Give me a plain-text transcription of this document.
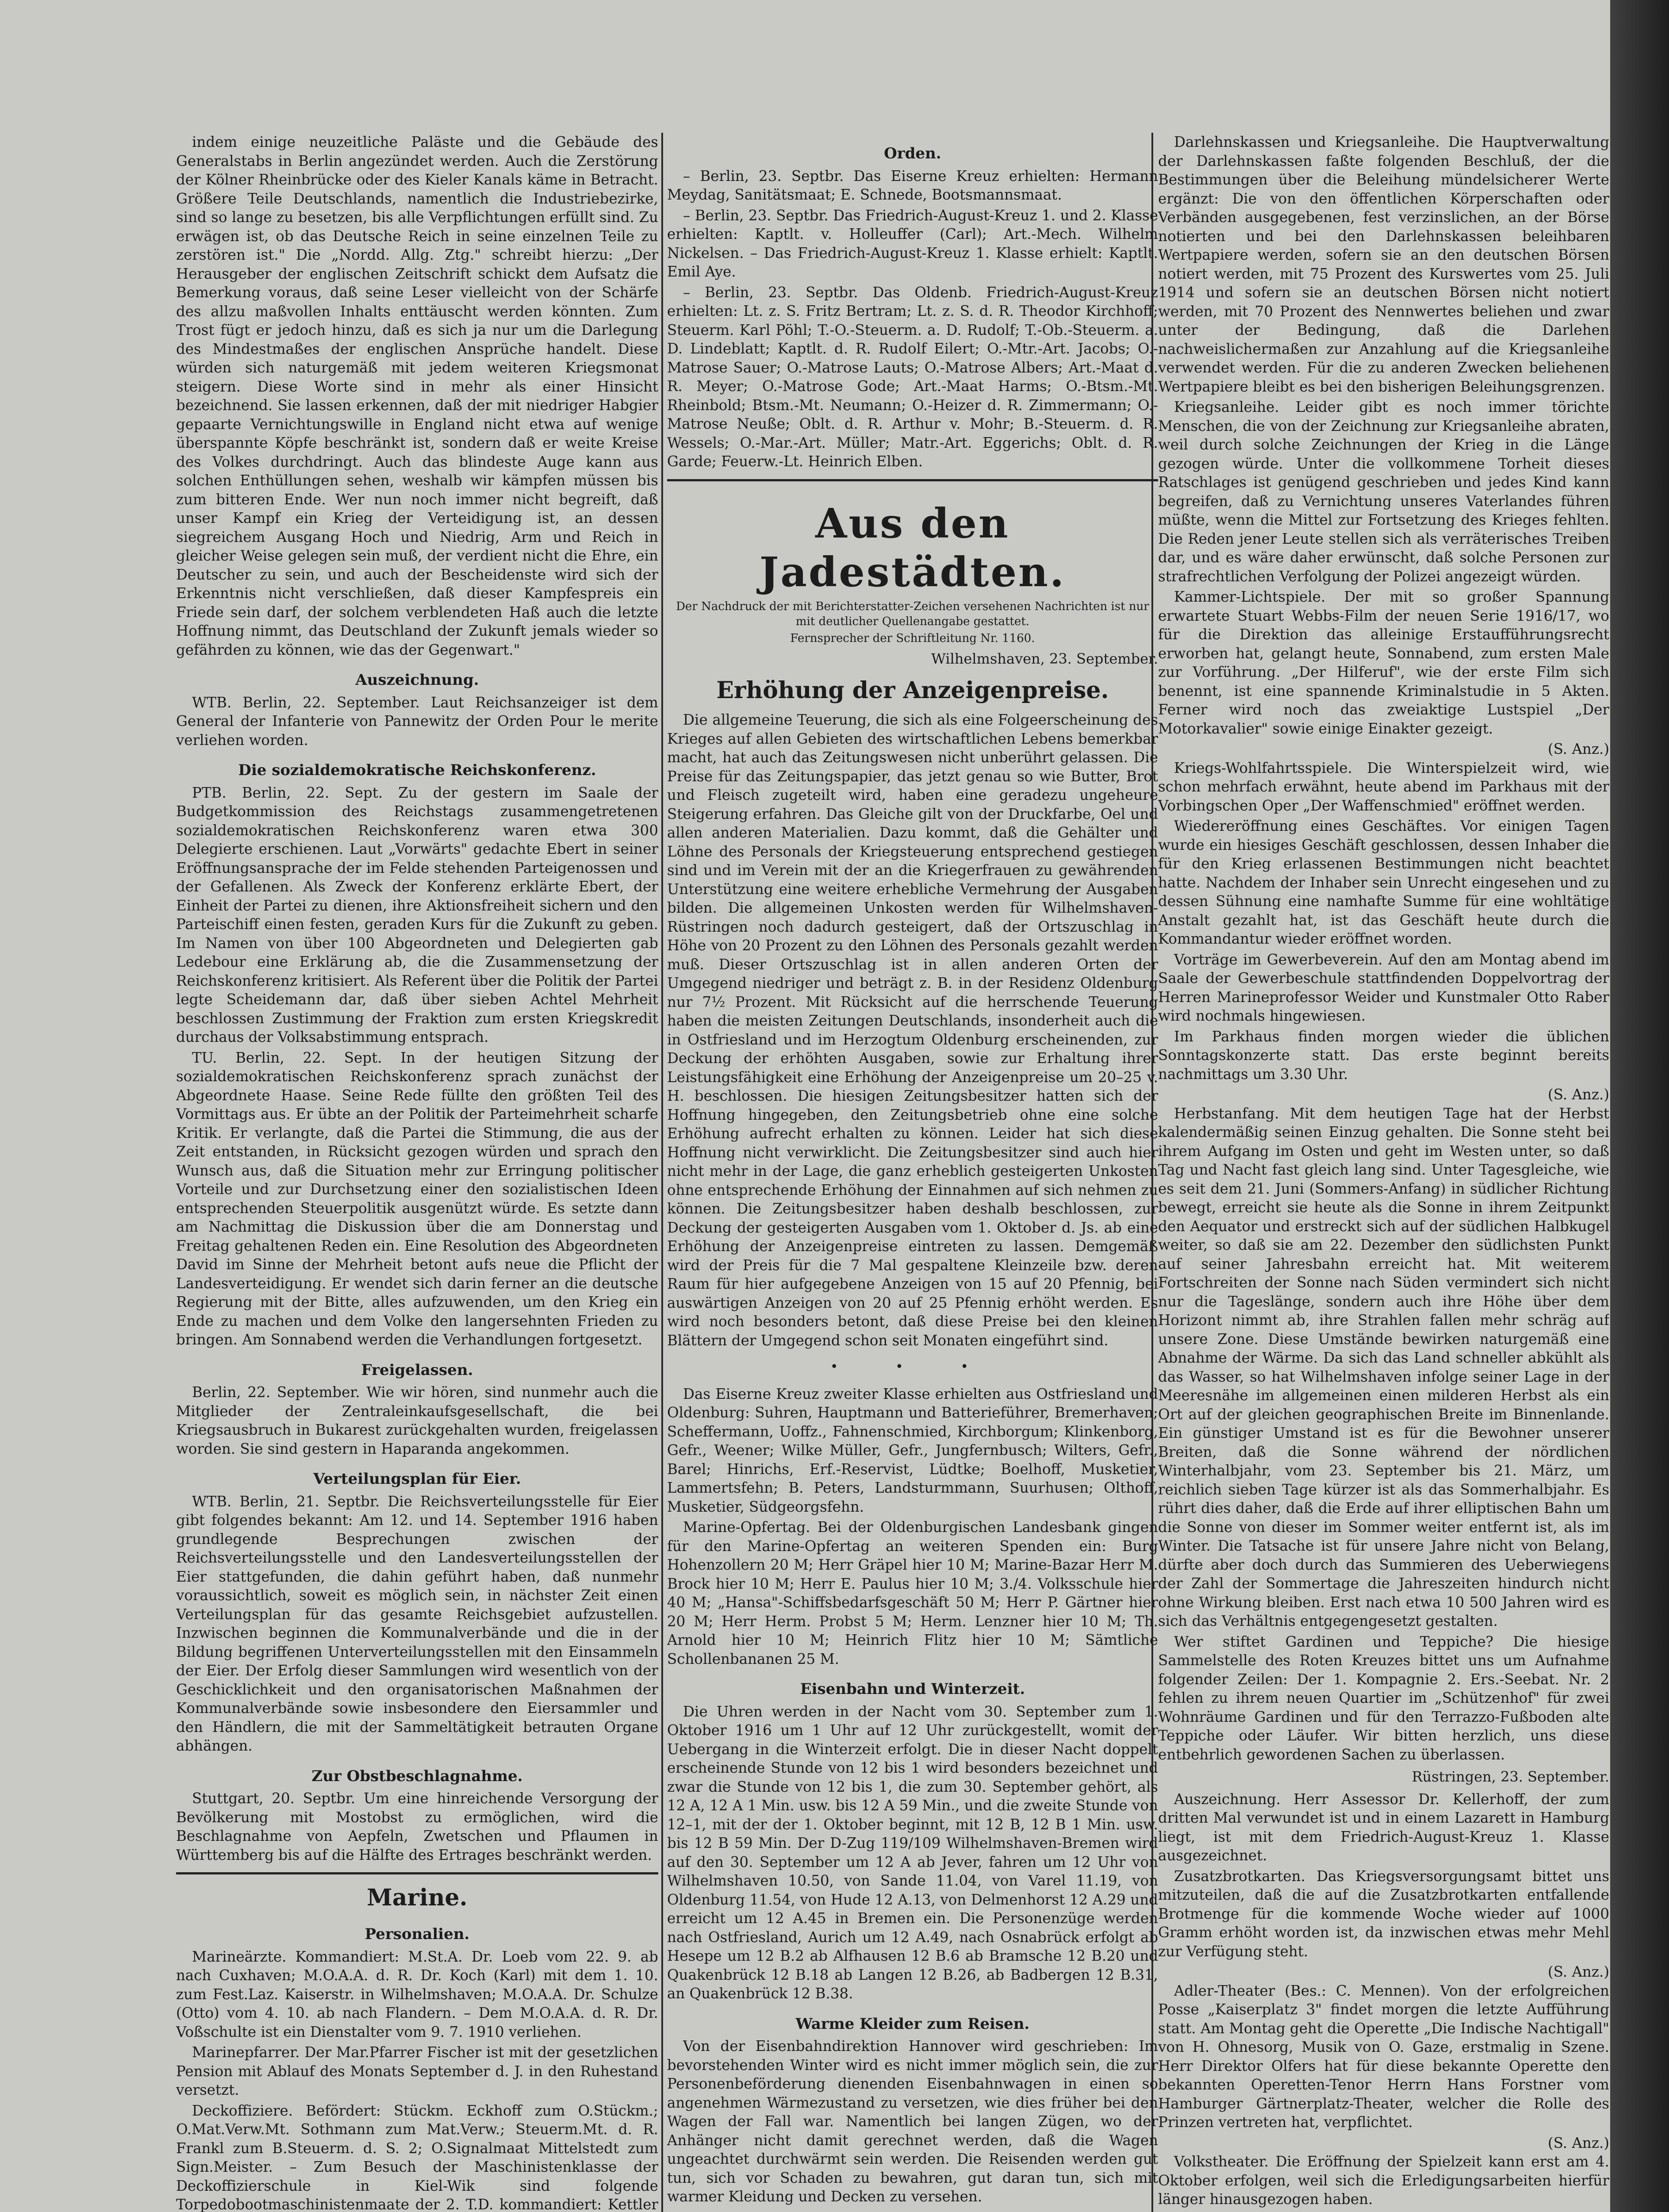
indem einige neuzeitliche Paläste und die Gebäude des Generalstabs in Berlin angezündet werden. Auch die Zerstörung der Kölner Rheinbrücke oder des Kieler Kanals käme in Betracht. Größere Teile Deutschlands, namentlich die Industriebezirke, sind so lange zu besetzen, bis alle Verpflichtungen erfüllt sind. Zu erwägen ist, ob das Deutsche Reich in seine einzelnen Teile zu zerstören ist." Die „Nordd. Allg. Ztg." schreibt hierzu: „Der Herausgeber der englischen Zeitschrift schickt dem Aufsatz die Bemerkung voraus, daß seine Leser vielleicht von der Schärfe des allzu maßvollen Inhalts enttäuscht werden könnten. Zum Trost fügt er jedoch hinzu, daß es sich ja nur um die Darlegung des Mindestmaßes der englischen Ansprüche handelt. Diese würden sich naturgemäß mit jedem weiteren Kriegsmonat steigern. Diese Worte sind in mehr als einer Hinsicht bezeichnend. Sie lassen erkennen, daß der mit niedriger Habgier gepaarte Vernichtungswille in England nicht etwa auf wenige überspannte Köpfe beschränkt ist, sondern daß er weite Kreise des Volkes durchdringt. Auch das blindeste Auge kann aus solchen Enthüllungen sehen, weshalb wir kämpfen müssen bis zum bitteren Ende. Wer nun noch immer nicht begreift, daß unser Kampf ein Krieg der Verteidigung ist, an dessen siegreichem Ausgang Hoch und Niedrig, Arm und Reich in gleicher Weise gelegen sein muß, der verdient nicht die Ehre, ein Deutscher zu sein, und auch der Bescheidenste wird sich der Erkenntnis nicht verschließen, daß dieser Kampfespreis ein Friede sein darf, der solchem verblendeten Haß auch die letzte Hoffnung nimmt, das Deutschland der Zukunft jemals wieder so gefährden zu können, wie das der Gegenwart."

Auszeichnung.

WTB. Berlin, 22. September. Laut Reichsanzeiger ist dem General der Infanterie von Pannewitz der Orden Pour le merite verliehen worden.

Die sozialdemokratische Reichskonferenz.

PTB. Berlin, 22. Sept. Zu der gestern im Saale der Budgetkommission des Reichstags zusammengetretenen sozialdemokratischen Reichskonferenz waren etwa 300 Delegierte erschienen. Laut „Vorwärts" gedachte Ebert in seiner Eröffnungsansprache der im Felde stehenden Parteigenossen und der Gefallenen. Als Zweck der Konferenz erklärte Ebert, der Einheit der Partei zu dienen, ihre Aktionsfreiheit sichern und den Parteischiff einen festen, geraden Kurs für die Zukunft zu geben. Im Namen von über 100 Abgeordneten und Delegierten gab Ledebour eine Erklärung ab, die die Zusammensetzung der Reichskonferenz kritisiert. Als Referent über die Politik der Partei legte Scheidemann dar, daß über sieben Achtel Mehrheit beschlossen Zustimmung der Fraktion zum ersten Kriegskredit durchaus der Volksabstimmung entsprach.

TU. Berlin, 22. Sept. In der heutigen Sitzung der sozialdemokratischen Reichskonferenz sprach zunächst der Abgeordnete Haase. Seine Rede füllte den größten Teil des Vormittags aus. Er übte an der Politik der Parteimehrheit scharfe Kritik. Er verlangte, daß die Partei die Stimmung, die aus der Zeit entstanden, in Rücksicht gezogen würden und sprach den Wunsch aus, daß die Situation mehr zur Erringung politischer Vorteile und zur Durchsetzung einer den sozialistischen Ideen entsprechenden Steuerpolitik ausgenützt würde. Es setzte dann am Nachmittag die Diskussion über die am Donnerstag und Freitag gehaltenen Reden ein. Eine Resolution des Abgeordneten David im Sinne der Mehrheit betont aufs neue die Pflicht der Landesverteidigung. Er wendet sich darin ferner an die deutsche Regierung mit der Bitte, alles aufzuwenden, um den Krieg ein Ende zu machen und dem Volke den langersehnten Frieden zu bringen. Am Sonnabend werden die Verhandlungen fortgesetzt.

Freigelassen.

Berlin, 22. September. Wie wir hören, sind nunmehr auch die Mitglieder der Zentraleinkaufsgesellschaft, die bei Kriegsausbruch in Bukarest zurückgehalten wurden, freigelassen worden. Sie sind gestern in Haparanda angekommen.

Verteilungsplan für Eier.

WTB. Berlin, 21. Septbr. Die Reichsverteilungsstelle für Eier gibt folgendes bekannt: Am 12. und 14. September 1916 haben grundlegende Besprechungen zwischen der Reichsverteilungsstelle und den Landesverteilungsstellen der Eier stattgefunden, die dahin geführt haben, daß nunmehr voraussichtlich, soweit es möglich sein, in nächster Zeit einen Verteilungsplan für das gesamte Reichsgebiet aufzustellen. Inzwischen beginnen die Kommunalverbände und die in der Bildung begriffenen Unterverteilungsstellen mit den Einsammeln der Eier. Der Erfolg dieser Sammlungen wird wesentlich von der Geschicklichkeit und den organisatorischen Maßnahmen der Kommunalverbände sowie insbesondere den Eiersammler und den Händlern, die mit der Sammeltätigkeit betrauten Organe abhängen.

Zur Obstbeschlagnahme.

Stuttgart, 20. Septbr. Um eine hinreichende Versorgung der Bevölkerung mit Mostobst zu ermöglichen, wird die Beschlagnahme von Aepfeln, Zwetschen und Pflaumen in Württemberg bis auf die Hälfte des Ertrages beschränkt werden.

Marine.
Personalien.

Marineärzte. Kommandiert: M.St.A. Dr. Loeb vom 22. 9. ab nach Cuxhaven; M.O.A.A. d. R. Dr. Koch (Karl) mit dem 1. 10. zum Fest.Laz. Kaiserstr. in Wilhelmshaven; M.O.A.A. Dr. Schulze (Otto) vom 4. 10. ab nach Flandern. – Dem M.O.A.A. d. R. Dr. Voßschulte ist ein Dienstalter vom 9. 7. 1910 verliehen.

Marinepfarrer. Der Mar.Pfarrer Fischer ist mit der gesetzlichen Pension mit Ablauf des Monats September d. J. in den Ruhestand versetzt.

Deckoffiziere. Befördert: Stückm. Eckhoff zum O.Stückm.; O.Mat.Verw.Mt. Sothmann zum Mat.Verw.; Steuerm.Mt. d. R. Frankl zum B.Steuerm. d. S. 2; O.Signalmaat Mittelstedt zum Sign.Meister. – Zum Besuch der Maschinistenklasse der Deckoffizierschule in Kiel-Wik sind folgende Torpedobootmaschinistenmaate der 2. T.D. kommandiert: Kettler

Orden.

– Berlin, 23. Septbr. Das Eiserne Kreuz erhielten: Hermann Meydag, Sanitätsmaat; E. Schnede, Bootsmannsmaat.

– Berlin, 23. Septbr. Das Friedrich-August-Kreuz 1. und 2. Klasse erhielten: Kaptlt. v. Holleuffer (Carl); Art.-Mech. Wilhelm Nickelsen. – Das Friedrich-August-Kreuz 1. Klasse erhielt: Kaptlt. Emil Aye.

– Berlin, 23. Septbr. Das Oldenb. Friedrich-August-Kreuz erhielten: Lt. z. S. Fritz Bertram; Lt. z. S. d. R. Theodor Kirchhoff; Steuerm. Karl Pöhl; T.-O.-Steuerm. a. D. Rudolf; T.-Ob.-Steuerm. a. D. Lindeblatt; Kaptlt. d. R. Rudolf Eilert; O.-Mtr.-Art. Jacobs; O.-Matrose Sauer; O.-Matrose Lauts; O.-Matrose Albers; Art.-Maat d. R. Meyer; O.-Matrose Gode; Art.-Maat Harms; O.-Btsm.-Mt. Rheinbold; Btsm.-Mt. Neumann; O.-Heizer d. R. Zimmermann; O.-Matrose Neuße; Oblt. d. R. Arthur v. Mohr; B.-Steuerm. d. R. Wessels; O.-Mar.-Art. Müller; Matr.-Art. Eggerichs; Oblt. d. R. Garde; Feuerw.-Lt. Heinrich Elben.

Aus den Jadestädten.

Der Nachdruck der mit Berichterstatter-Zeichen versehenen Nachrichten ist nur mit deutlicher Quellenangabe gestattet.

Fernsprecher der Schriftleitung Nr. 1160.

Wilhelmshaven, 23. September.
Erhöhung der Anzeigenpreise.

Die allgemeine Teuerung, die sich als eine Folgeerscheinung des Krieges auf allen Gebieten des wirtschaftlichen Lebens bemerkbar macht, hat auch das Zeitungswesen nicht unberührt gelassen. Die Preise für das Zeitungspapier, das jetzt genau so wie Butter, Brot und Fleisch zugeteilt wird, haben eine geradezu ungeheure Steigerung erfahren. Das Gleiche gilt von der Druckfarbe, Oel und allen anderen Materialien. Dazu kommt, daß die Gehälter und Löhne des Personals der Kriegsteuerung entsprechend gestiegen sind und im Verein mit der an die Kriegerfrauen zu gewährenden Unterstützung eine weitere erhebliche Vermehrung der Ausgaben bilden. Die allgemeinen Unkosten werden für Wilhelmshaven-Rüstringen noch dadurch gesteigert, daß der Ortszuschlag in Höhe von 20 Prozent zu den Löhnen des Personals gezahlt werden muß. Dieser Ortszuschlag ist in allen anderen Orten der Umgegend niedriger und beträgt z. B. in der Residenz Oldenburg nur 7½ Prozent. Mit Rücksicht auf die herrschende Teuerung haben die meisten Zeitungen Deutschlands, insonderheit auch die in Ostfriesland und im Herzogtum Oldenburg erscheinenden, zur Deckung der erhöhten Ausgaben, sowie zur Erhaltung ihrer Leistungsfähigkeit eine Erhöhung der Anzeigenpreise um 20–25 v. H. beschlossen. Die hiesigen Zeitungsbesitzer hatten sich der Hoffnung hingegeben, den Zeitungsbetrieb ohne eine solche Erhöhung aufrecht erhalten zu können. Leider hat sich diese Hoffnung nicht verwirklicht. Die Zeitungsbesitzer sind auch hier nicht mehr in der Lage, die ganz erheblich gesteigerten Unkosten ohne entsprechende Erhöhung der Einnahmen auf sich nehmen zu können. Die Zeitungsbesitzer haben deshalb beschlossen, zur Deckung der gesteigerten Ausgaben vom 1. Oktober d. Js. ab eine Erhöhung der Anzeigenpreise eintreten zu lassen. Demgemäß wird der Preis für die 7 Mal gespaltene Kleinzeile bzw. deren Raum für hier aufgegebene Anzeigen von 15 auf 20 Pfennig, bei auswärtigen Anzeigen von 20 auf 25 Pfennig erhöht werden. Es wird noch besonders betont, daß diese Preise bei den kleinen Blättern der Umgegend schon seit Monaten eingeführt sind.

• • •

Das Eiserne Kreuz zweiter Klasse erhielten aus Ostfriesland und Oldenburg: Suhren, Hauptmann und Batterieführer, Bremerhaven; Scheffermann, Uoffz., Fahnenschmied, Kirchborgum; Klinkenborg, Gefr., Weener; Wilke Müller, Gefr., Jungfernbusch; Wilters, Gefr., Barel; Hinrichs, Erf.-Reservist, Lüdtke; Boelhoff, Musketier, Lammertsfehn; B. Peters, Landsturmmann, Suurhusen; Olthoff, Musketier, Südgeorgsfehn.

Marine-Opfertag. Bei der Oldenburgischen Landesbank gingen für den Marine-Opfertag an weiteren Spenden ein: Burg Hohenzollern 20 M; Herr Gräpel hier 10 M; Marine-Bazar Herr M. Brock hier 10 M; Herr E. Paulus hier 10 M; 3./4. Volksschule hier 40 M; „Hansa"-Schiffsbedarfsgeschäft 50 M; Herr P. Gärtner hier 20 M; Herr Herm. Probst 5 M; Herm. Lenzner hier 10 M; Th. Arnold hier 10 M; Heinrich Flitz hier 10 M; Sämtliche Schollenbananen 25 M.

Eisenbahn und Winterzeit.

Die Uhren werden in der Nacht vom 30. September zum 1. Oktober 1916 um 1 Uhr auf 12 Uhr zurückgestellt, womit der Uebergang in die Winterzeit erfolgt. Die in dieser Nacht doppelt erscheinende Stunde von 12 bis 1 wird besonders bezeichnet und zwar die Stunde von 12 bis 1, die zum 30. September gehört, als 12 A, 12 A 1 Min. usw. bis 12 A 59 Min., und die zweite Stunde von 12–1, mit der der 1. Oktober beginnt, mit 12 B, 12 B 1 Min. usw. bis 12 B 59 Min. Der D-Zug 119/109 Wilhelmshaven-Bremen wird auf den 30. September um 12 A ab Jever, fahren um 12 Uhr von Wilhelmshaven 10.50, von Sande 11.04, von Varel 11.19, von Oldenburg 11.54, von Hude 12 A.13, von Delmenhorst 12 A.29 und erreicht um 12 A.45 in Bremen ein. Die Personenzüge werden nach Ostfriesland, Aurich um 12 A.49, nach Osnabrück erfolgt ab Hesepe um 12 B.2 ab Alfhausen 12 B.6 ab Bramsche 12 B.20 und Quakenbrück 12 B.18 ab Langen 12 B.26, ab Badbergen 12 B.31, an Quakenbrück 12 B.38.

Warme Kleider zum Reisen.

Von der Eisenbahndirektion Hannover wird geschrieben: Im bevorstehenden Winter wird es nicht immer möglich sein, die zur Personenbeförderung dienenden Eisenbahnwagen in einen so angenehmen Wärmezustand zu versetzen, wie dies früher bei den Wagen der Fall war. Namentlich bei langen Zügen, wo der Anhänger nicht damit gerechnet werden, daß die Wagen ungeachtet durchwärmt sein werden. Die Reisenden werden gut tun, sich vor Schaden zu bewahren, gut daran tun, sich mit warmer Kleidung und Decken zu versehen.

Darlehnskassen und Kriegsanleihe. Die Hauptverwaltung der Darlehnskassen faßte folgenden Beschluß, der die Bestimmungen über die Beleihung mündelsicherer Werte ergänzt: Die von den öffentlichen Körperschaften oder Verbänden ausgegebenen, fest verzinslichen, an der Börse notierten und bei den Darlehnskassen beleihbaren Wertpapiere werden, sofern sie an den deutschen Börsen notiert werden, mit 75 Prozent des Kurswertes vom 25. Juli 1914 und sofern sie an deutschen Börsen nicht notiert werden, mit 70 Prozent des Nennwertes beliehen und zwar unter der Bedingung, daß die Darlehen nachweislichermaßen zur Anzahlung auf die Kriegsanleihe verwendet werden. Für die zu anderen Zwecken beliehenen Wertpapiere bleibt es bei den bisherigen Beleihungsgrenzen.

Kriegsanleihe. Leider gibt es noch immer törichte Menschen, die von der Zeichnung zur Kriegsanleihe abraten, weil durch solche Zeichnungen der Krieg in die Länge gezogen würde. Unter die vollkommene Torheit dieses Ratschlages ist genügend geschrieben und jedes Kind kann begreifen, daß zu Vernichtung unseres Vaterlandes führen müßte, wenn die Mittel zur Fortsetzung des Krieges fehlten. Die Reden jener Leute stellen sich als verräterisches Treiben dar, und es wäre daher erwünscht, daß solche Personen zur strafrechtlichen Verfolgung der Polizei angezeigt würden.

Kammer-Lichtspiele. Der mit so großer Spannung erwartete Stuart Webbs-Film der neuen Serie 1916/17, wo für die Direktion das alleinige Erstaufführungsrecht erworben hat, gelangt heute, Sonnabend, zum ersten Male zur Vorführung. „Der Hilferuf", wie der erste Film sich benennt, ist eine spannende Kriminalstudie in 5 Akten. Ferner wird noch das zweiaktige Lustspiel „Der Motorkavalier" sowie einige Einakter gezeigt.

(S. Anz.)

Kriegs-Wohlfahrtsspiele. Die Winterspielzeit wird, wie schon mehrfach erwähnt, heute abend im Parkhaus mit der Vorbingschen Oper „Der Waffenschmied" eröffnet werden.

Wiedereröffnung eines Geschäftes. Vor einigen Tagen wurde ein hiesiges Geschäft geschlossen, dessen Inhaber die für den Krieg erlassenen Bestimmungen nicht beachtet hatte. Nachdem der Inhaber sein Unrecht eingesehen und zu dessen Sühnung eine namhafte Summe für eine wohltätige Anstalt gezahlt hat, ist das Geschäft heute durch die Kommandantur wieder eröffnet worden.

Vorträge im Gewerbeverein. Auf den am Montag abend im Saale der Gewerbeschule stattfindenden Doppelvortrag der Herren Marineprofessor Weider und Kunstmaler Otto Raber wird nochmals hingewiesen.

Im Parkhaus finden morgen wieder die üblichen Sonntagskonzerte statt. Das erste beginnt bereits nachmittags um 3.30 Uhr.

(S. Anz.)

Herbstanfang. Mit dem heutigen Tage hat der Herbst kalendermäßig seinen Einzug gehalten. Die Sonne steht bei ihrem Aufgang im Osten und geht im Westen unter, so daß Tag und Nacht fast gleich lang sind. Unter Tagesgleiche, wie es seit dem 21. Juni (Sommers-Anfang) in südlicher Richtung bewegt, erreicht sie heute als die Sonne in ihrem Zeitpunkt den Aequator und erstreckt sich auf der südlichen Halbkugel weiter, so daß sie am 22. Dezember den südlichsten Punkt auf seiner Jahresbahn erreicht hat. Mit weiterem Fortschreiten der Sonne nach Süden vermindert sich nicht nur die Tageslänge, sondern auch ihre Höhe über dem Horizont nimmt ab, ihre Strahlen fallen mehr schräg auf unsere Zone. Diese Umstände bewirken naturgemäß eine Abnahme der Wärme. Da sich das Land schneller abkühlt als das Wasser, so hat Wilhelmshaven infolge seiner Lage in der Meeresnähe im allgemeinen einen milderen Herbst als ein Ort auf der gleichen geographischen Breite im Binnenlande. Ein günstiger Umstand ist es für die Bewohner unserer Breiten, daß die Sonne während der nördlichen Winterhalbjahr, vom 23. September bis 21. März, um reichlich sieben Tage kürzer ist als das Sommerhalbjahr. Es rührt dies daher, daß die Erde auf ihrer elliptischen Bahn um die Sonne von dieser im Sommer weiter entfernt ist, als im Winter. Die Tatsache ist für unsere Jahre nicht von Belang, dürfte aber doch durch das Summieren des Ueberwiegens der Zahl der Sommertage die Jahreszeiten hindurch nicht ohne Wirkung bleiben. Erst nach etwa 10 500 Jahren wird es sich das Verhältnis entgegengesetzt gestalten.

Wer stiftet Gardinen und Teppiche? Die hiesige Sammelstelle des Roten Kreuzes bittet uns um Aufnahme folgender Zeilen: Der 1. Kompagnie 2. Ers.-Seebat. Nr. 2 fehlen zu ihrem neuen Quartier im „Schützenhof" für zwei Wohnräume Gardinen und für den Terrazzo-Fußboden alte Teppiche oder Läufer. Wir bitten herzlich, uns diese entbehrlich gewordenen Sachen zu überlassen.

Rüstringen, 23. September.

Auszeichnung. Herr Assessor Dr. Kellerhoff, der zum dritten Mal verwundet ist und in einem Lazarett in Hamburg liegt, ist mit dem Friedrich-August-Kreuz 1. Klasse ausgezeichnet.

Zusatzbrotkarten. Das Kriegsversorgungsamt bittet uns mitzuteilen, daß die auf die Zusatzbrotkarten entfallende Brotmenge für die kommende Woche wieder auf 1000 Gramm erhöht worden ist, da inzwischen etwas mehr Mehl zur Verfügung steht.

(S. Anz.)

Adler-Theater (Bes.: C. Mennen). Von der erfolgreichen Posse „Kaiserplatz 3" findet morgen die letzte Aufführung statt. Am Montag geht die Operette „Die Indische Nachtigall" von H. Ohnesorg, Musik von O. Gaze, erstmalig in Szene. Herr Direktor Olfers hat für diese bekannte Operette den bekannten Operetten-Tenor Herrn Hans Forstner vom Hamburger Gärtnerplatz-Theater, welcher die Rolle des Prinzen vertreten hat, verpflichtet.

(S. Anz.)

Volkstheater. Die Eröffnung der Spielzeit kann erst am 4. Oktober erfolgen, weil sich die Erledigungsarbeiten hierfür länger hinausgezogen haben.
